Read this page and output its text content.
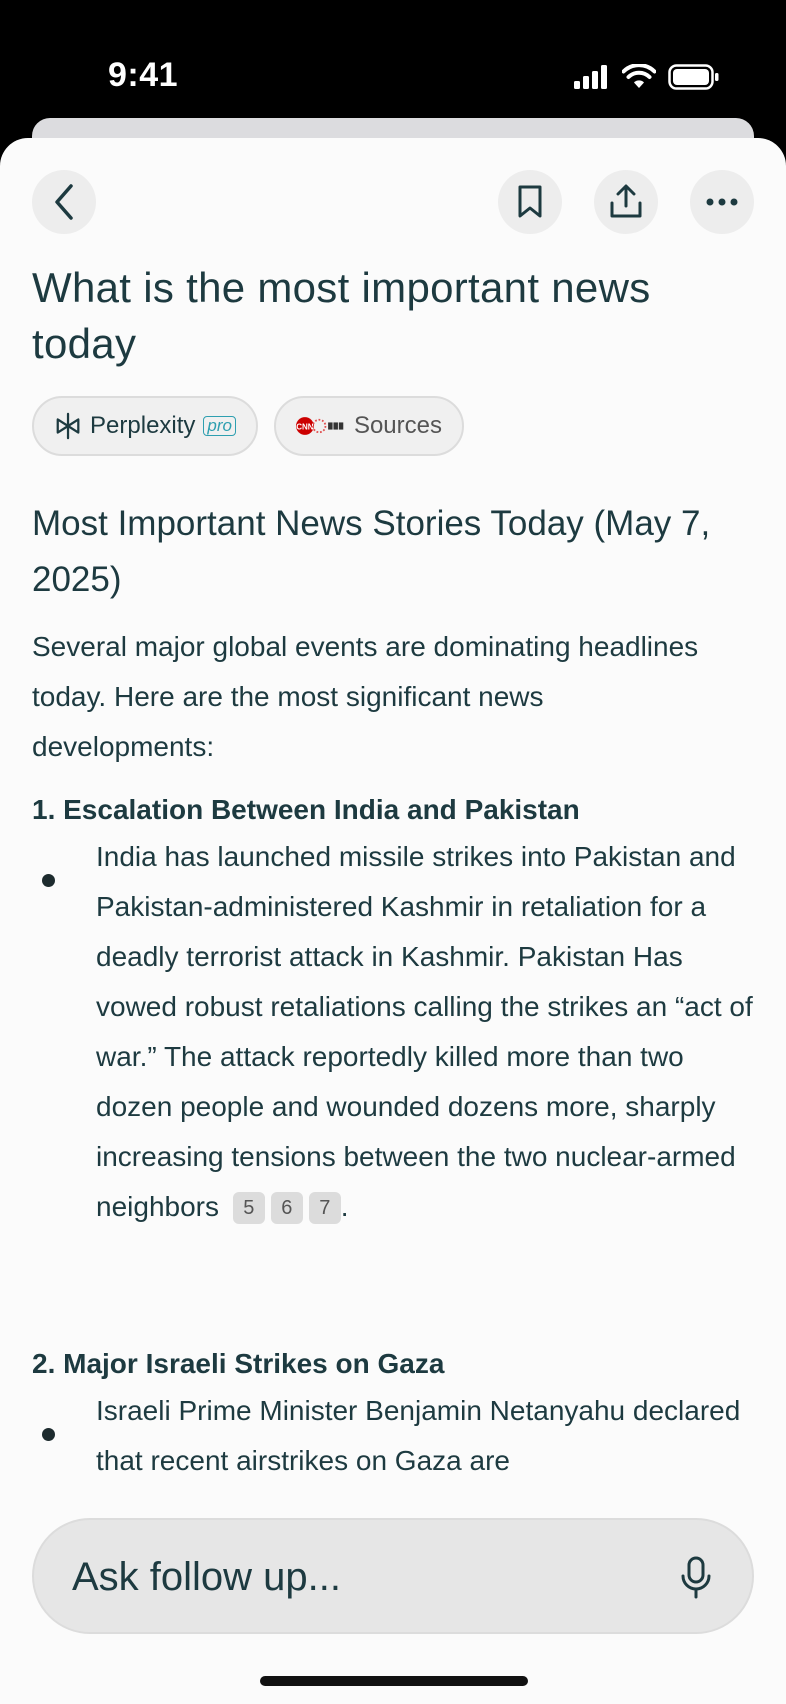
9:41
What is the most important news today
Perplexity pro	CNN Sources
Most Important News Stories Today (May 7, 2025)

Several major global events are dominating headlines today. Here are the most significant news developments:

1. Escalation Between India and Pakistan

India has launched missile strikes into Pakistan and Pakistan-administered Kashmir in retaliation for a deadly terrorist attack in Kashmir. Pakistan Has vowed robust retaliations calling the strikes an “act of war.” The attack reportedly killed more than two dozen people and wounded dozens more, sharply increasing tensions between the two nuclear-armed neighbors 5 6 7 .

2. Major Israeli Strikes on Gaza

Israeli Prime Minister Benjamin Netanyahu declared that recent airstrikes on Gaza are

Ask follow up...
